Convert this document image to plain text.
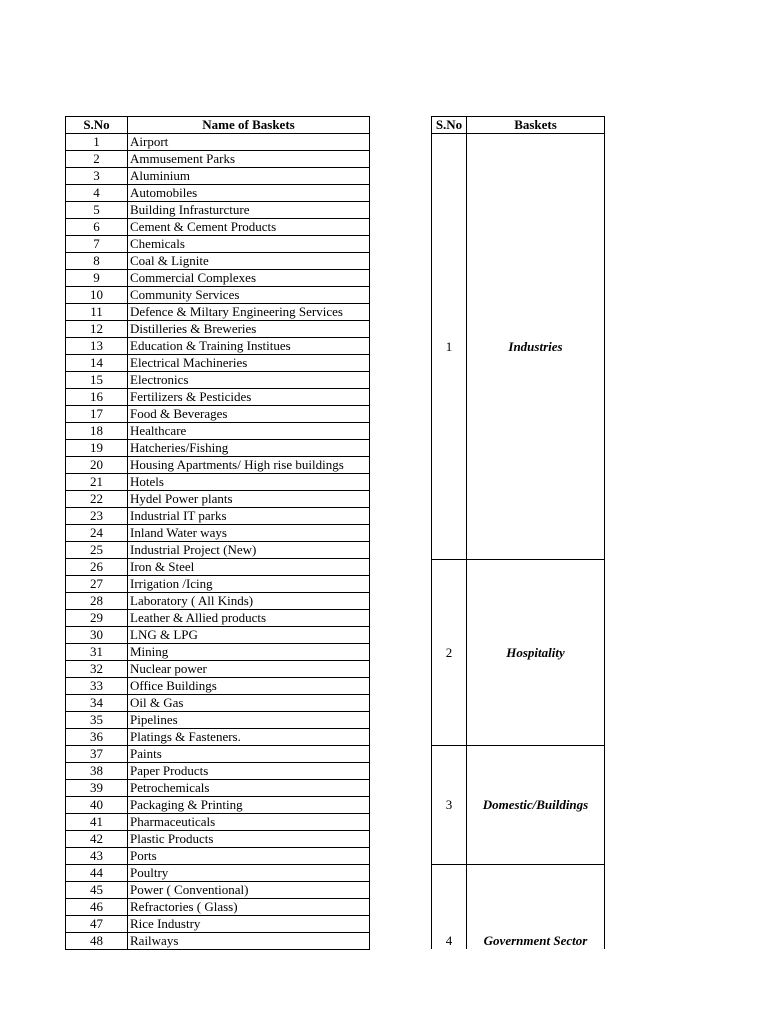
S.No	Name of Baskets
1	Airport
2	Ammusement Parks
3	Aluminium
4	Automobiles
5	Building Infrasturcture
6	Cement & Cement Products
7	Chemicals
8	Coal & Lignite
9	Commercial Complexes
10	Community Services
11	Defence & Miltary Engineering Services
12	Distilleries & Breweries
13	Education & Training Institues
14	Electrical Machineries
15	Electronics
16	Fertilizers & Pesticides
17	Food & Beverages
18	Healthcare
19	Hatcheries/Fishing
20	Housing Apartments/ High rise buildings
21	Hotels
22	Hydel Power plants
23	Industrial IT parks
24	Inland Water ways
25	Industrial Project (New)
26	Iron & Steel
27	Irrigation /Icing
28	Laboratory ( All Kinds)
29	Leather & Allied products
30	LNG & LPG
31	Mining
32	Nuclear power
33	Office Buildings
34	Oil & Gas
35	Pipelines
36	Platings & Fasteners.
37	Paints
38	Paper Products
39	Petrochemicals
40	Packaging & Printing
41	Pharmaceuticals
42	Plastic Products
43	Ports
44	Poultry
45	Power ( Conventional)
46	Refractories ( Glass)
47	Rice Industry
48	Railways
S.No	Baskets
1	Industries
2	Hospitality
3	Domestic/Buildings
4	Government Sector
